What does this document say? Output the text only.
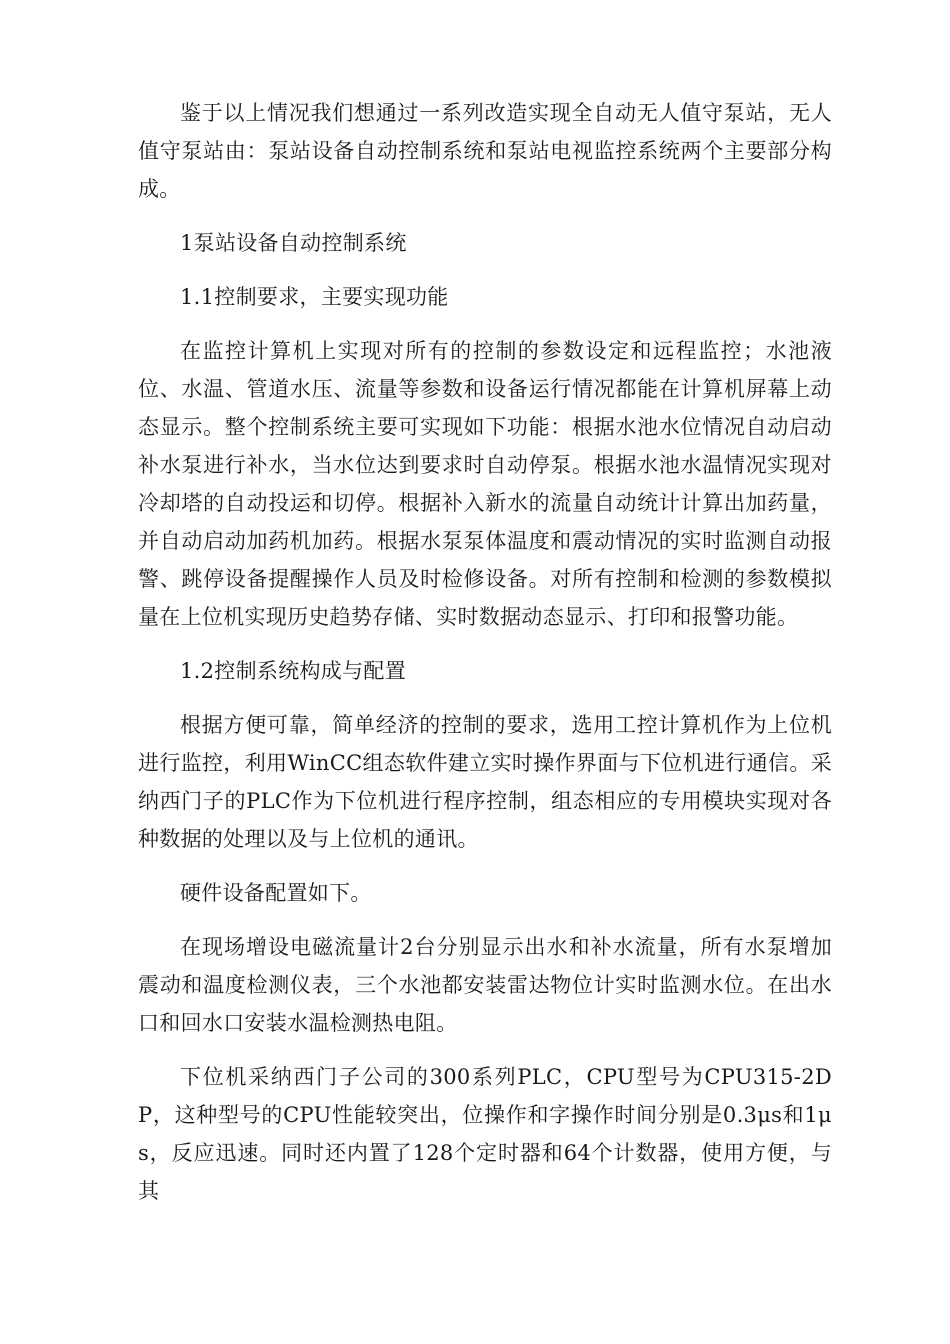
鉴于以上情况我们想通过一系列改造实现全自动无人值守泵站，无人值守泵站由：泵站设备自动控制系统和泵站电视监控系统两个主要部分构成。

1泵站设备自动控制系统

1.1控制要求，主要实现功能

在监控计算机上实现对所有的控制的参数设定和远程监控；水池液位、水温、管道水压、流量等参数和设备运行情况都能在计算机屏幕上动态显示。整个控制系统主要可实现如下功能：根据水池水位情况自动启动补水泵进行补水，当水位达到要求时自动停泵。根据水池水温情况实现对冷却塔的自动投运和切停。根据补入新水的流量自动统计计算出加药量，并自动启动加药机加药。根据水泵泵体温度和震动情况的实时监测自动报警、跳停设备提醒操作人员及时检修设备。对所有控制和检测的参数模拟量在上位机实现历史趋势存储、实时数据动态显示、打印和报警功能。

1.2控制系统构成与配置

根据方便可靠，简单经济的控制的要求，选用工控计算机作为上位机进行监控，利用WinCC组态软件建立实时操作界面与下位机进行通信。采纳西门子的PLC作为下位机进行程序控制，组态相应的专用模块实现对各种数据的处理以及与上位机的通讯。

硬件设备配置如下。

在现场增设电磁流量计2台分别显示出水和补水流量，所有水泵增加震动和温度检测仪表，三个水池都安装雷达物位计实时监测水位。在出水口和回水口安装水温检测热电阻。

下位机采纳西门子公司的300系列PLC，CPU型号为CPU315-2DP，这种型号的CPU性能较突出，位操作和字操作时间分别是0.3μs和1μs，反应迅速。同时还内置了128个定时器和64个计数器，使用方便，与其
